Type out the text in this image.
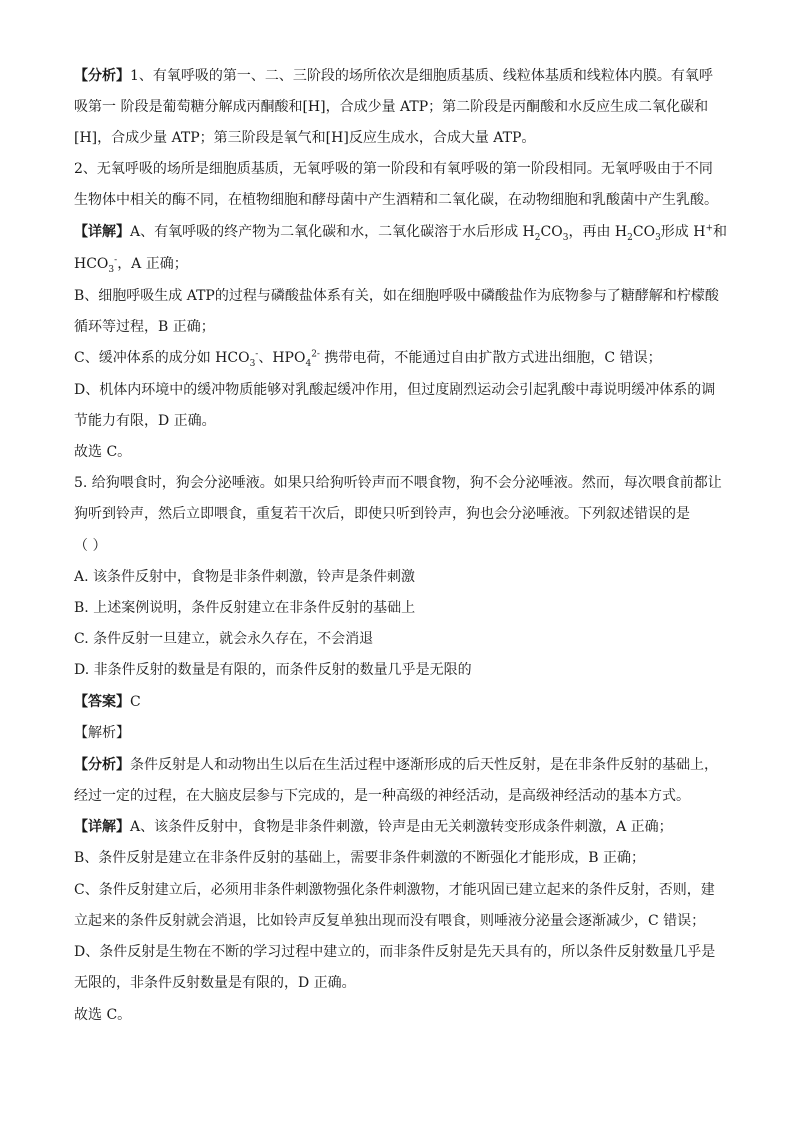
【分析】1、有氧呼吸的第一、二、三阶段的场所依次是细胞质基质、线粒体基质和线粒体内膜。有氧呼
吸第一 阶段是葡萄糖分解成丙酮酸和[H]，合成少量 ATP；第二阶段是丙酮酸和水反应生成二氧化碳和
[H]，合成少量 ATP；第三阶段是氧气和[H]反应生成水，合成大量 ATP。
2、无氧呼吸的场所是细胞质基质，无氧呼吸的第一阶段和有氧呼吸的第一阶段相同。无氧呼吸由于不同
生物体中相关的酶不同，在植物细胞和酵母菌中产生酒精和二氧化碳，在动物细胞和乳酸菌中产生乳酸。
【详解】A、有氧呼吸的终产物为二氧化碳和水，二氧化碳溶于水后形成 $H_2CO_3$，再由 $H_2CO_3$形成 H+和
$HCO_3^-$，A 正确；
B、细胞呼吸生成 ATP的过程与磷酸盐体系有关，如在细胞呼吸中磷酸盐作为底物参与了糖酵解和柠檬酸
循环等过程，B 正确；
C、缓冲体系的成分如 $HCO_3^-$、$HPO_4^{2-}$ 携带电荷，不能通过自由扩散方式进出细胞，C 错误；
D、机体内环境中的缓冲物质能够对乳酸起缓冲作用，但过度剧烈运动会引起乳酸中毒说明缓冲体系的调
节能力有限，D 正确。
故选 C。
5. 给狗喂食时，狗会分泌唾液。如果只给狗听铃声而不喂食物，狗不会分泌唾液。然而，每次喂食前都让
狗听到铃声，然后立即喂食，重复若干次后，即使只听到铃声，狗也会分泌唾液。下列叙述错误的是
（ ）
A. 该条件反射中，食物是非条件刺激，铃声是条件刺激
B. 上述案例说明，条件反射建立在非条件反射的基础上
C. 条件反射一旦建立，就会永久存在，不会消退
D. 非条件反射的数量是有限的，而条件反射的数量几乎是无限的
【答案】C
【解析】
【分析】条件反射是人和动物出生以后在生活过程中逐渐形成的后天性反射，是在非条件反射的基础上，
经过一定的过程，在大脑皮层参与下完成的，是一种高级的神经活动，是高级神经活动的基本方式。
【详解】A、该条件反射中，食物是非条件刺激，铃声是由无关刺激转变形成条件刺激，A 正确；
B、条件反射是建立在非条件反射的基础上，需要非条件刺激的不断强化才能形成，B 正确；
C、条件反射建立后，必须用非条件刺激物强化条件刺激物，才能巩固已建立起来的条件反射，否则，建
立起来的条件反射就会消退，比如铃声反复单独出现而没有喂食，则唾液分泌量会逐渐减少，C 错误；
D、条件反射是生物在不断的学习过程中建立的，而非条件反射是先天具有的，所以条件反射数量几乎是
无限的，非条件反射数量是有限的，D 正确。
故选 C。
